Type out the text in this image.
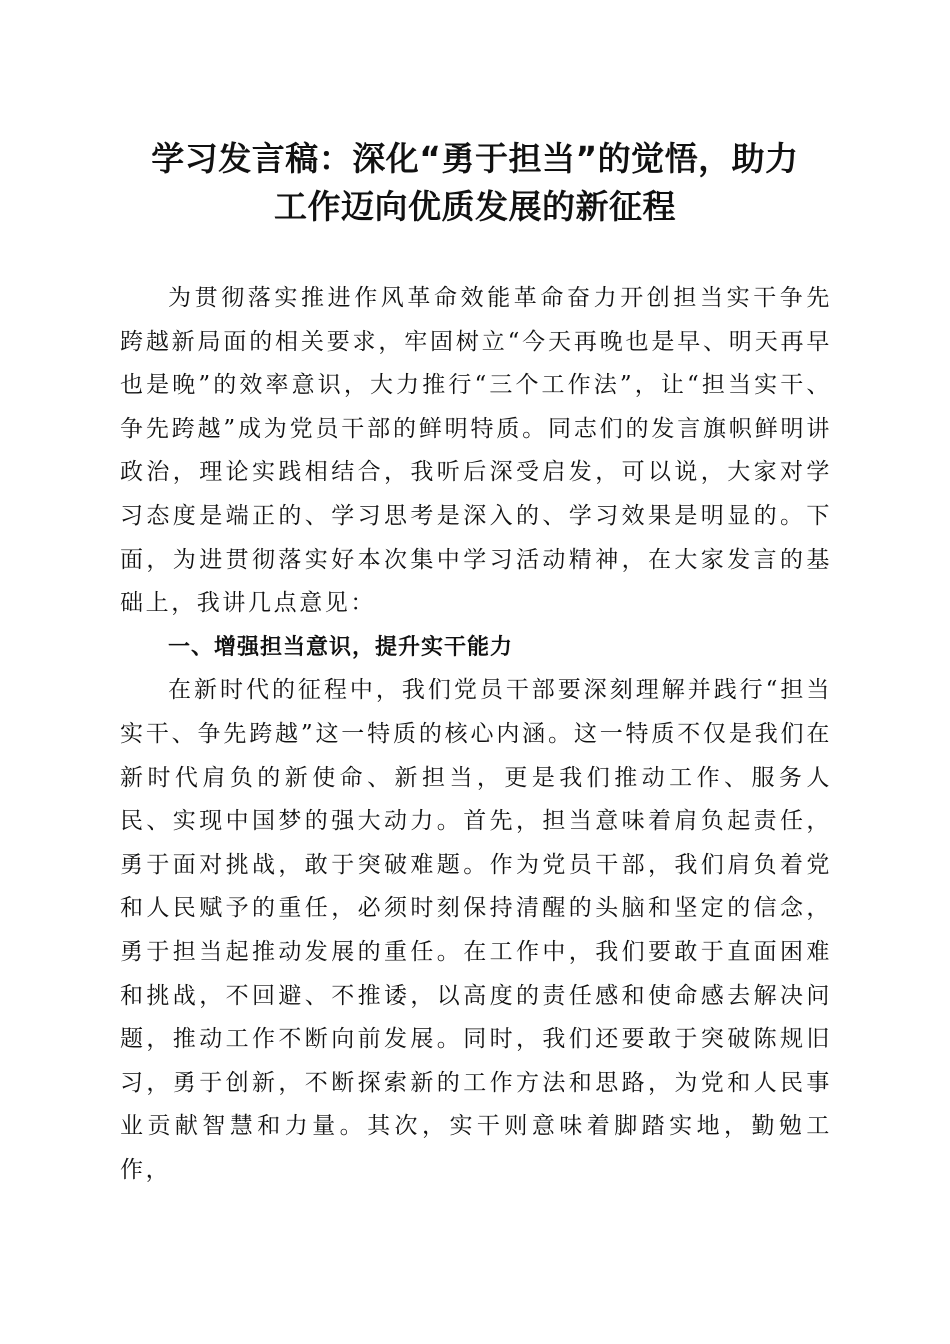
学习发言稿：深化“勇于担当”的觉悟，助力
工作迈向优质发展的新征程

为贯彻落实推进作风革命效能革命奋力开创担当实干争先跨越新局面的相关要求，牢固树立“今天再晚也是早、明天再早也是晚”的效率意识，大力推行“三个工作法”，让“担当实干、争先跨越”成为党员干部的鲜明特质。同志们的发言旗帜鲜明讲政治，理论实践相结合，我听后深受启发，可以说，大家对学习态度是端正的、学习思考是深入的、学习效果是明显的。下面，为进贯彻落实好本次集中学习活动精神，在大家发言的基础上，我讲几点意见：

一、增强担当意识，提升实干能力

在新时代的征程中，我们党员干部要深刻理解并践行“担当实干、争先跨越”这一特质的核心内涵。这一特质不仅是我们在新时代肩负的新使命、新担当，更是我们推动工作、服务人民、实现中国梦的强大动力。首先，担当意味着肩负起责任，勇于面对挑战，敢于突破难题。作为党员干部，我们肩负着党和人民赋予的重任，必须时刻保持清醒的头脑和坚定的信念，勇于担当起推动发展的重任。在工作中，我们要敢于直面困难和挑战，不回避、不推诿，以高度的责任感和使命感去解决问题，推动工作不断向前发展。同时，我们还要敢于突破陈规旧习，勇于创新，不断探索新的工作方法和思路，为党和人民事业贡献智慧和力量。其次，实干则意味着脚踏实地，勤勉工作，
